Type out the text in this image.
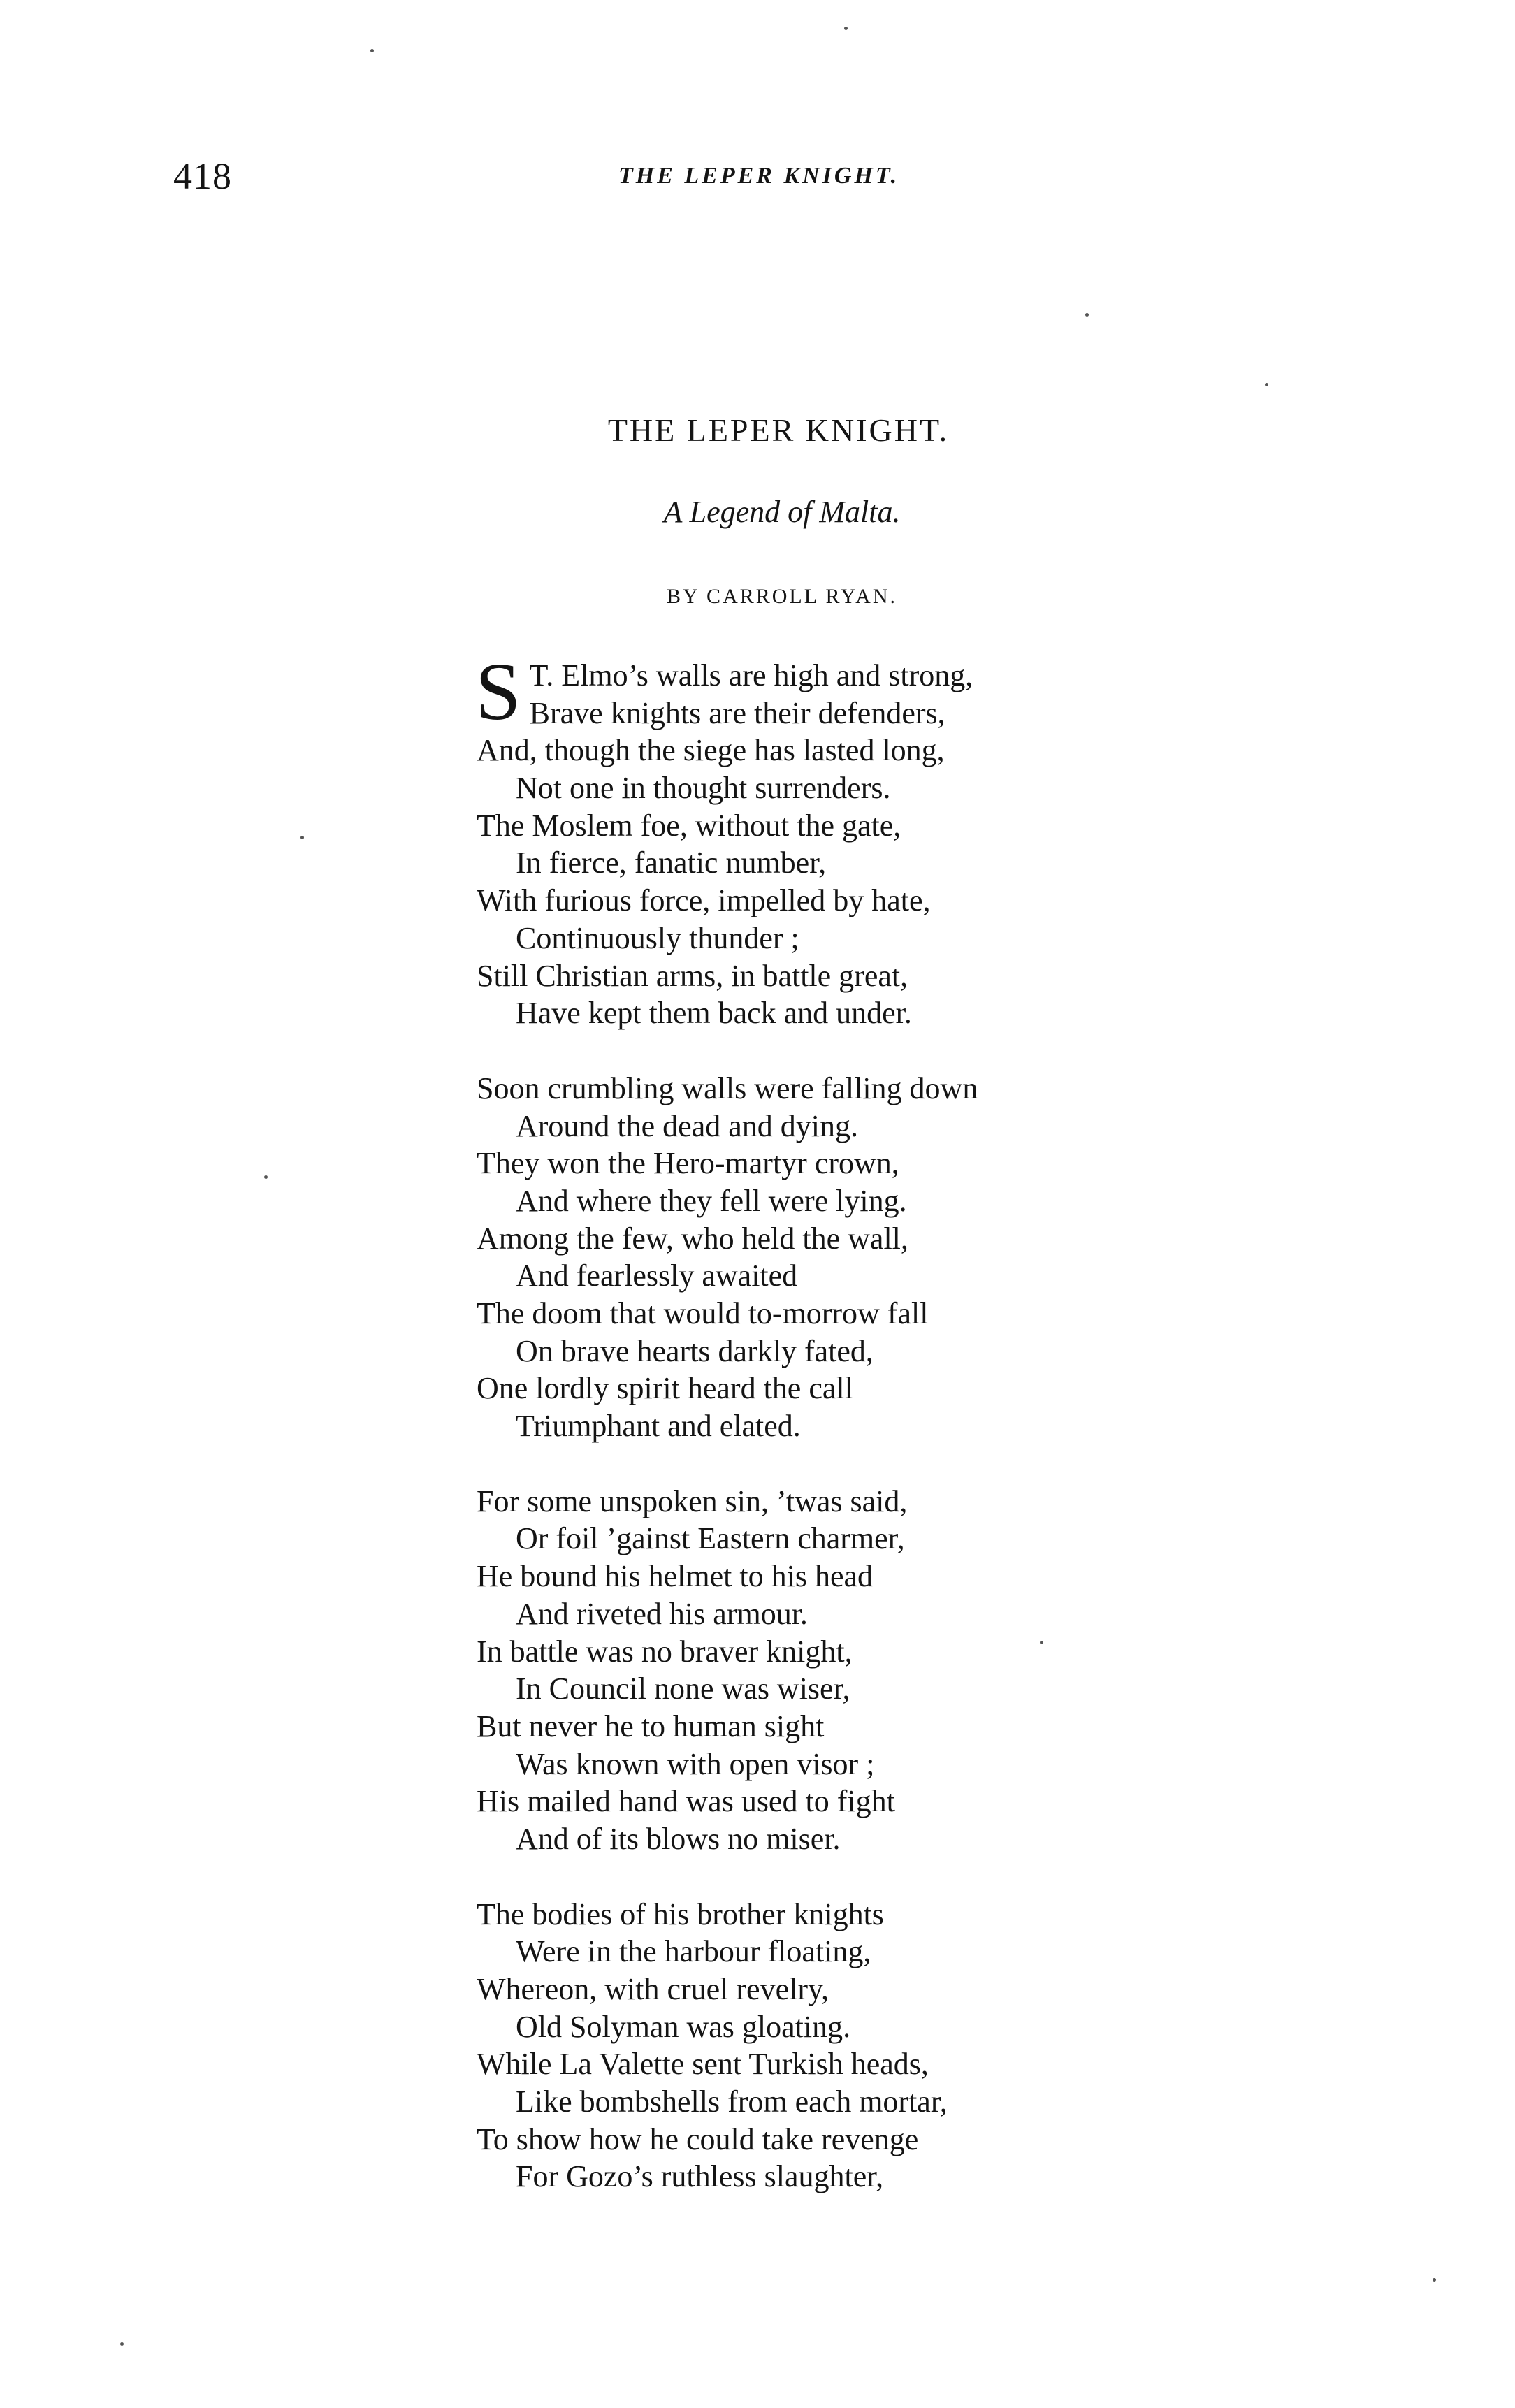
418	THE LEPER KNIGHT.
THE LEPER KNIGHT.
A Legend of Malta.
BY CARROLL RYAN.
S T. Elmo’s walls are high and strong,
Brave knights are their defenders,
And, though the siege has lasted long,
Not one in thought surrenders.
The Moslem foe, without the gate,
In fierce, fanatic number,
With furious force, impelled by hate,
Continuously thunder ;
Still Christian arms, in battle great,
Have kept them back and under.
Soon crumbling walls were falling down
Around the dead and dying.
They won the Hero-martyr crown,
And where they fell were lying.
Among the few, who held the wall,
And fearlessly awaited
The doom that would to-morrow fall
On brave hearts darkly fated,
One lordly spirit heard the call
Triumphant and elated.
For some unspoken sin, ’twas said,
Or foil ’gainst Eastern charmer,
He bound his helmet to his head
And riveted his armour.
In battle was no braver knight,
In Council none was wiser,
But never he to human sight
Was known with open visor ;
His mailed hand was used to fight
And of its blows no miser.
The bodies of his brother knights
Were in the harbour floating,
Whereon, with cruel revelry,
Old Solyman was gloating.
While La Valette sent Turkish heads,
Like bombshells from each mortar,
To show how he could take revenge
For Gozo’s ruthless slaughter,
